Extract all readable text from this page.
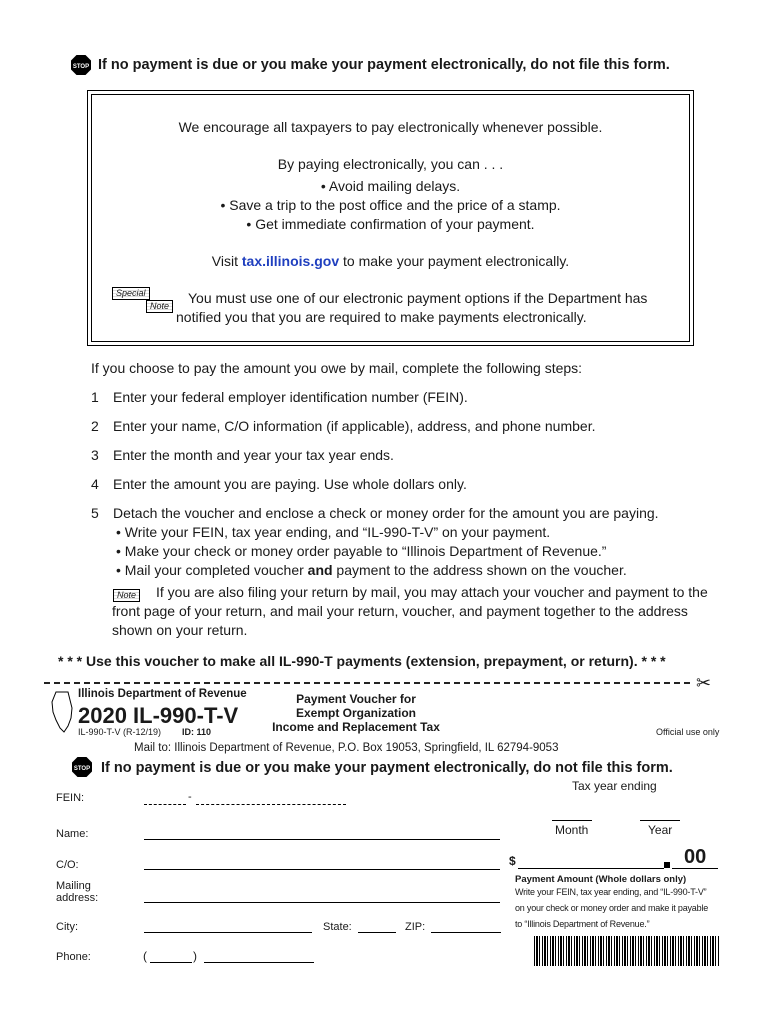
STOP If no payment is due or you make your payment electronically, do not file this form.
We encourage all taxpayers to pay electronically whenever possible.
By paying electronically, you can . . .
• Avoid mailing delays.
• Save a trip to the post office and the price of a stamp.
• Get immediate confirmation of your payment.
Visit tax.illinois.gov to make your payment electronically.
Special
Note You must use one of our electronic payment options if the Department has
notified you that you are required to make payments electronically.
If you choose to pay the amount you owe by mail, complete the following steps:
1 Enter your federal employer identification number (FEIN).
2 Enter your name, C/O information (if applicable), address, and phone number.
3 Enter the month and year your tax year ends.
4 Enter the amount you are paying. Use whole dollars only.
5 Detach the voucher and enclose a check or money order for the amount you are paying.
• Write your FEIN, tax year ending, and “IL-990-T-V” on your payment.
• Make your check or money order payable to “Illinois Department of Revenue.”
• Mail your completed voucher and payment to the address shown on the voucher.
Note If you are also filing your return by mail, you may attach your voucher and payment to the
front page of your return, and mail your return, voucher, and payment together to the address
shown on your return.
* * * Use this voucher to make all IL-990-T payments (extension, prepayment, or return). * * *
✂
Illinois Department of Revenue
2020 IL-990-T-V
IL-990-T-V (R-12/19) ID: 110
Payment Voucher for
Exempt Organization
Income and Replacement Tax	Official use only
Mail to: Illinois Department of Revenue, P.O. Box 19053, Springfield, IL 62794-9053
STOP If no payment is due or you make your payment electronically, do not file this form.
Tax year ending
Month	Year
$	00
Payment Amount (Whole dollars only)
Write your FEIN, tax year ending, and “IL-990-T-V”
on your check or money order and make it payable
to “Illinois Department of Revenue.”
FEIN:	-
Name:
C/O:
Mailing
address:
City:	State:	ZIP:
Phone:	(	)
